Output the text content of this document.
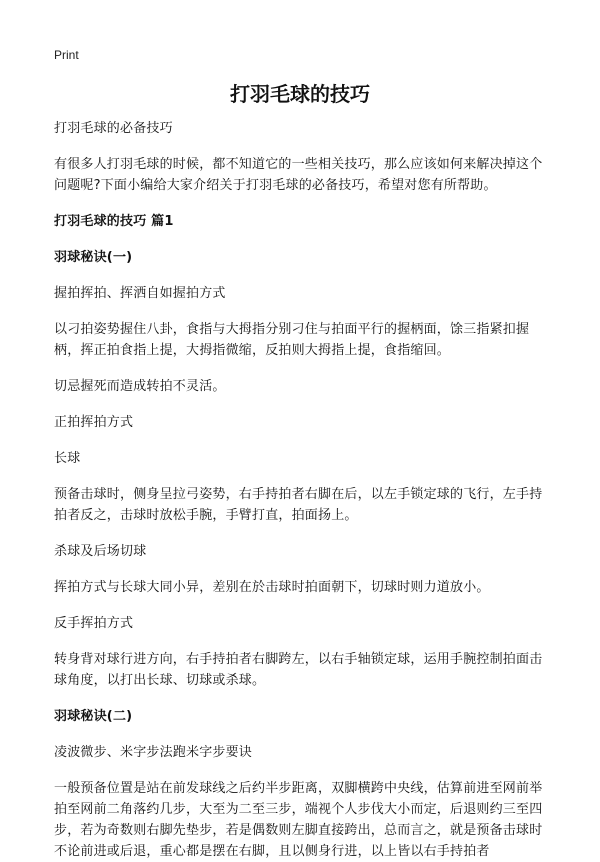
Print
打羽毛球的技巧

打羽毛球的必备技巧

有很多人打羽毛球的时候，都不知道它的一些相关技巧，那么应该如何来解决掉这个问题呢?下面小编给大家介绍关于打羽毛球的必备技巧，希望对您有所帮助。

打羽毛球的技巧 篇1

羽球秘诀(一)

握拍挥拍、挥洒自如握拍方式

以刁拍姿势握住八卦，食指与大拇指分别刁住与拍面平行的握柄面，馀三指紧扣握柄，挥正拍食指上提，大拇指微缩，反拍则大拇指上提，食指缩回。

切忌握死而造成转拍不灵活。

正拍挥拍方式

长球

预备击球时，侧身呈拉弓姿势，右手持拍者右脚在后，以左手锁定球的飞行，左手持拍者反之，击球时放松手腕，手臂打直，拍面扬上。

杀球及后场切球

挥拍方式与长球大同小异，差别在於击球时拍面朝下，切球时则力道放小。

反手挥拍方式

转身背对球行进方向，右手持拍者右脚跨左，以右手轴锁定球，运用手腕控制拍面击球角度，以打出长球、切球或杀球。

羽球秘诀(二)

凌波微步、米字步法跑米字步要诀

一般预备位置是站在前发球线之后约半步距离，双脚横跨中央线，估算前进至网前举拍至网前二角落约几步，大至为二至三步，端视个人步伐大小而定，后退则约三至四步，若为奇数则右脚先垫步，若是偶数则左脚直接跨出，总而言之，就是预备击球时不论前进或后退，重心都是摆在右脚，且以侧身行进，以上皆以右手持拍者
